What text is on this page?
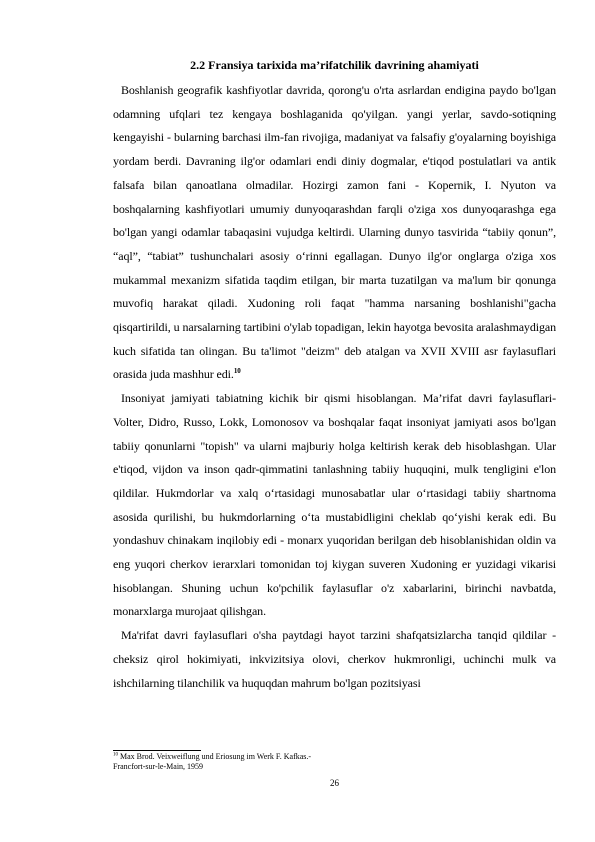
2.2 Fransiya tarixida ma’rifatchilik davrining ahamiyati

Boshlanish geografik kashfiyotlar davrida, qorong'u o'rta asrlardan endigina paydo bo'lgan odamning ufqlari tez kengaya boshlaganida qo'yilgan. yangi yerlar, savdo-sotiqning kengayishi - bularning barchasi ilm-fan rivojiga, madaniyat va falsafiy g'oyalarning boyishiga yordam berdi. Davraning ilg'or odamlari endi diniy dogmalar, e'tiqod postulatlari va antik falsafa bilan qanoatlana olmadilar. Hozirgi zamon fani - Kopernik, I. Nyuton va boshqalarning kashfiyotlari umumiy dunyoqarashdan farqli o'ziga xos dunyoqarashga ega bo'lgan yangi odamlar tabaqasini vujudga keltirdi. Ularning dunyo tasvirida “tabiiy qonun”, “aql”, “tabiat” tushunchalari asosiy o‘rinni egallagan. Dunyo ilg'or onglarga o'ziga xos mukammal mexanizm sifatida taqdim etilgan, bir marta tuzatilgan va ma'lum bir qonunga muvofiq harakat qiladi. Xudoning roli faqat "hamma narsaning boshlanishi"gacha qisqartirildi, u narsalarning tartibini o'ylab topadigan, lekin hayotga bevosita aralashmaydigan kuch sifatida tan olingan. Bu ta'limot "deizm" deb atalgan va XVII XVIII asr faylasuflari orasida juda mashhur edi.$^{10}$

Insoniyat jamiyati tabiatning kichik bir qismi hisoblangan. Ma’rifat davri faylasuflari- Volter, Didro, Russo, Lokk, Lomonosov va boshqalar faqat insoniyat jamiyati asos bo'lgan tabiiy qonunlarni "topish" va ularni majburiy holga keltirish kerak deb hisoblashgan. Ular e'tiqod, vijdon va inson qadr-qimmatini tanlashning tabiiy huquqini, mulk tengligini e'lon qildilar. Hukmdorlar va xalq o‘rtasidagi munosabatlar ular o‘rtasidagi tabiiy shartnoma asosida qurilishi, bu hukmdorlarning o‘ta mustabidligini cheklab qo‘yishi kerak edi. Bu yondashuv chinakam inqilobiy edi - monarx yuqoridan berilgan deb hisoblanishidan oldin va eng yuqori cherkov ierarxlari tomonidan toj kiygan suveren Xudoning er yuzidagi vikarisi hisoblangan. Shuning uchun ko'pchilik faylasuflar o'z xabarlarini, birinchi navbatda, monarxlarga murojaat qilishgan.

Ma'rifat davri faylasuflari o'sha paytdagi hayot tarzini shafqatsizlarcha tanqid qildilar - cheksiz qirol hokimiyati, inkvizitsiya olovi, cherkov hukmronligi, uchinchi mulk va ishchilarning tilanchilik va huquqdan mahrum bo'lgan pozitsiyasi

$^{10}$ Max Brod. Veixweiflung und Eriosung im Werk F. Kafkas.-
Francfort-sur-le-Main, 1959
26
